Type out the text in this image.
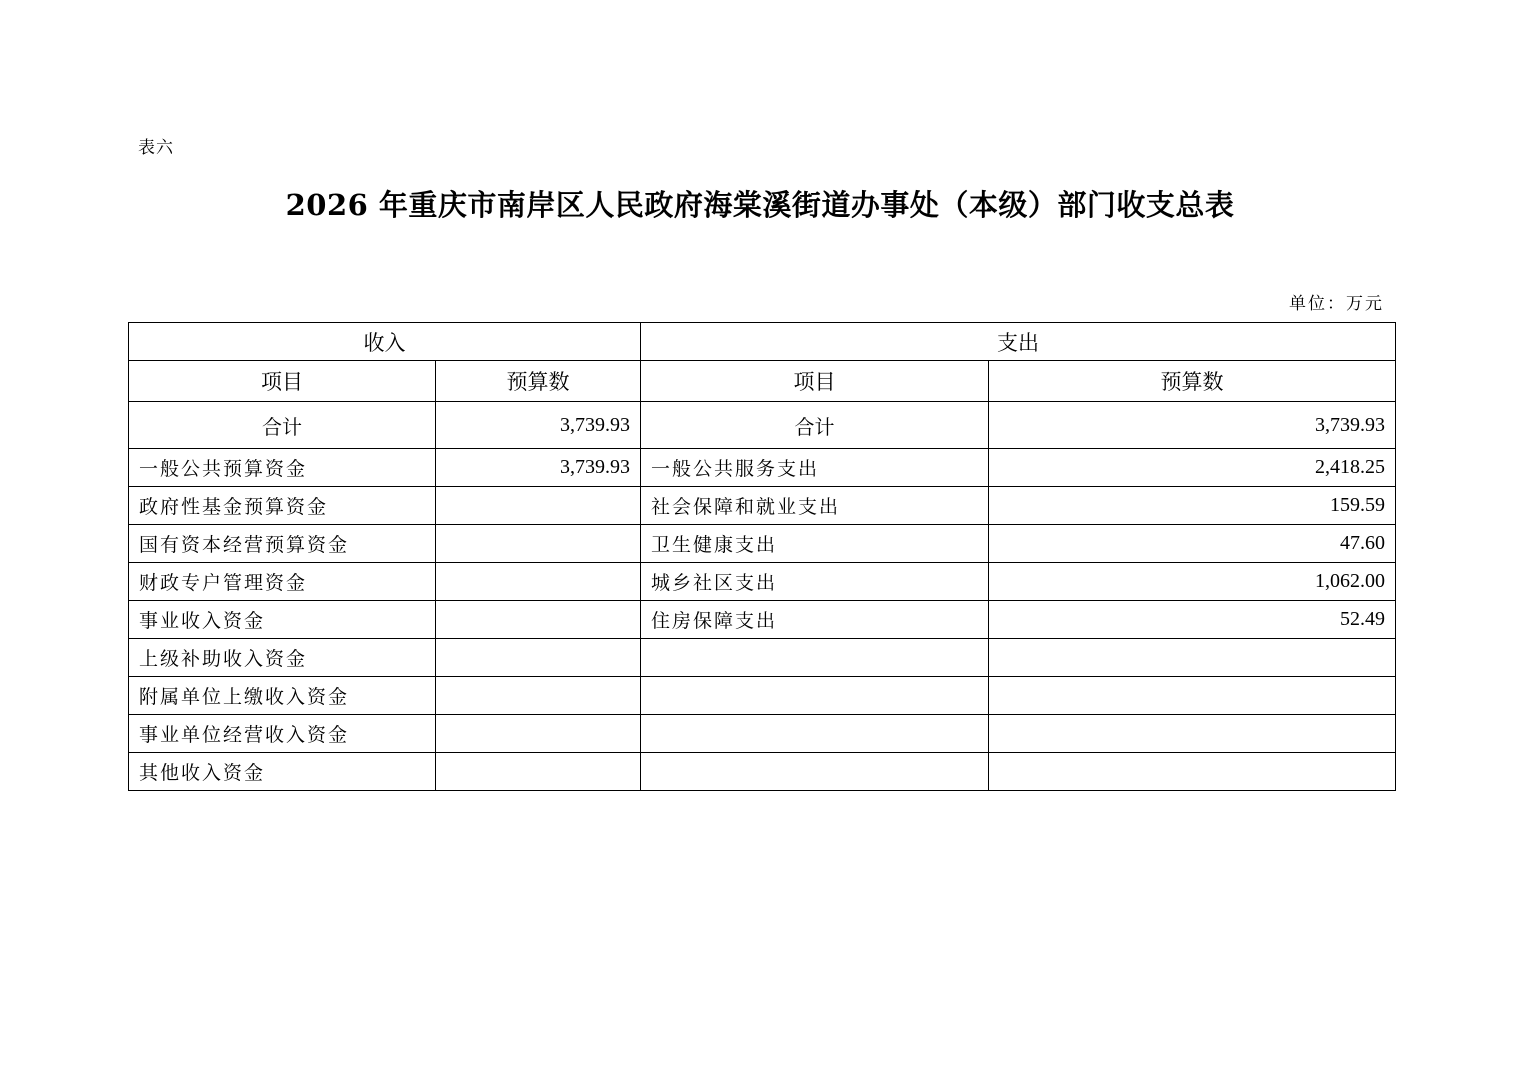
表六
2026 年重庆市南岸区人民政府海棠溪街道办事处（本级）部门收支总表
单位：万元
收入		支出	
项目	预算数	项目	预算数
合计	3,739.93	合计	3,739.93
一般公共预算资金	3,739.93	一般公共服务支出	2,418.25
政府性基金预算资金		社会保障和就业支出	159.59
国有资本经营预算资金		卫生健康支出	47.60
财政专户管理资金		城乡社区支出	1,062.00
事业收入资金		住房保障支出	52.49
上级补助收入资金			
附属单位上缴收入资金			
事业单位经营收入资金			
其他收入资金			
